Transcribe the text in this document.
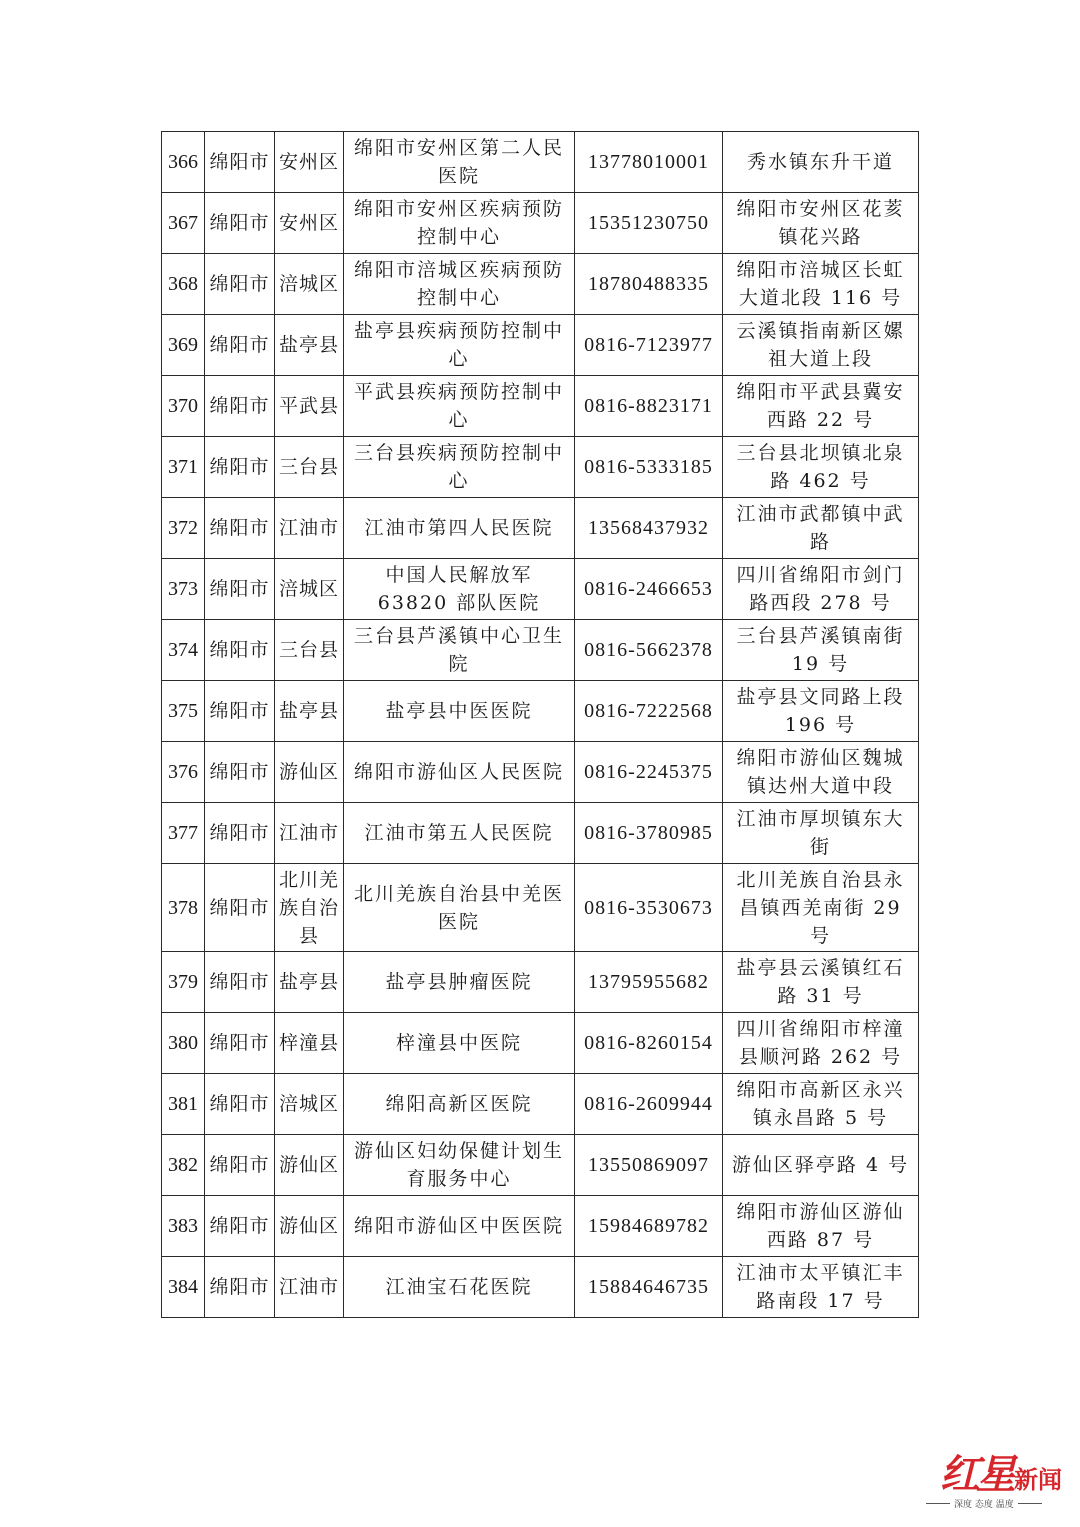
366	绵阳市	安州区	绵阳市安州区第二人民医院	13778010001	秀水镇东升干道
367	绵阳市	安州区	绵阳市安州区疾病预防控制中心	15351230750	绵阳市安州区花荄镇花兴路
368	绵阳市	涪城区	绵阳市涪城区疾病预防控制中心	18780488335	绵阳市涪城区长虹大道北段 116 号
369	绵阳市	盐亭县	盐亭县疾病预防控制中心	0816-7123977	云溪镇指南新区嫘祖大道上段
370	绵阳市	平武县	平武县疾病预防控制中心	0816-8823171	绵阳市平武县冀安西路 22 号
371	绵阳市	三台县	三台县疾病预防控制中心	0816-5333185	三台县北坝镇北泉路 462 号
372	绵阳市	江油市	江油市第四人民医院	13568437932	江油市武都镇中武路
373	绵阳市	涪城区	中国人民解放军 63820 部队医院	0816-2466653	四川省绵阳市剑门路西段 278 号
374	绵阳市	三台县	三台县芦溪镇中心卫生院	0816-5662378	三台县芦溪镇南街 19 号
375	绵阳市	盐亭县	盐亭县中医医院	0816-7222568	盐亭县文同路上段 196 号
376	绵阳市	游仙区	绵阳市游仙区人民医院	0816-2245375	绵阳市游仙区魏城镇达州大道中段
377	绵阳市	江油市	江油市第五人民医院	0816-3780985	江油市厚坝镇东大街
378	绵阳市	北川羌族自治县	北川羌族自治县中羌医医院	0816-3530673	北川羌族自治县永昌镇西羌南街 29 号
379	绵阳市	盐亭县	盐亭县肿瘤医院	13795955682	盐亭县云溪镇红石路 31 号
380	绵阳市	梓潼县	梓潼县中医院	0816-8260154	四川省绵阳市梓潼县顺河路 262 号
381	绵阳市	涪城区	绵阳高新区医院	0816-2609944	绵阳市高新区永兴镇永昌路 5 号
382	绵阳市	游仙区	游仙区妇幼保健计划生育服务中心	13550869097	游仙区驿亭路 4 号
383	绵阳市	游仙区	绵阳市游仙区中医医院	15984689782	绵阳市游仙区游仙西路 87 号
384	绵阳市	江油市	江油宝石花医院	15884646735	江油市太平镇汇丰路南段 17 号
红星 新闻
深度 态度 温度
